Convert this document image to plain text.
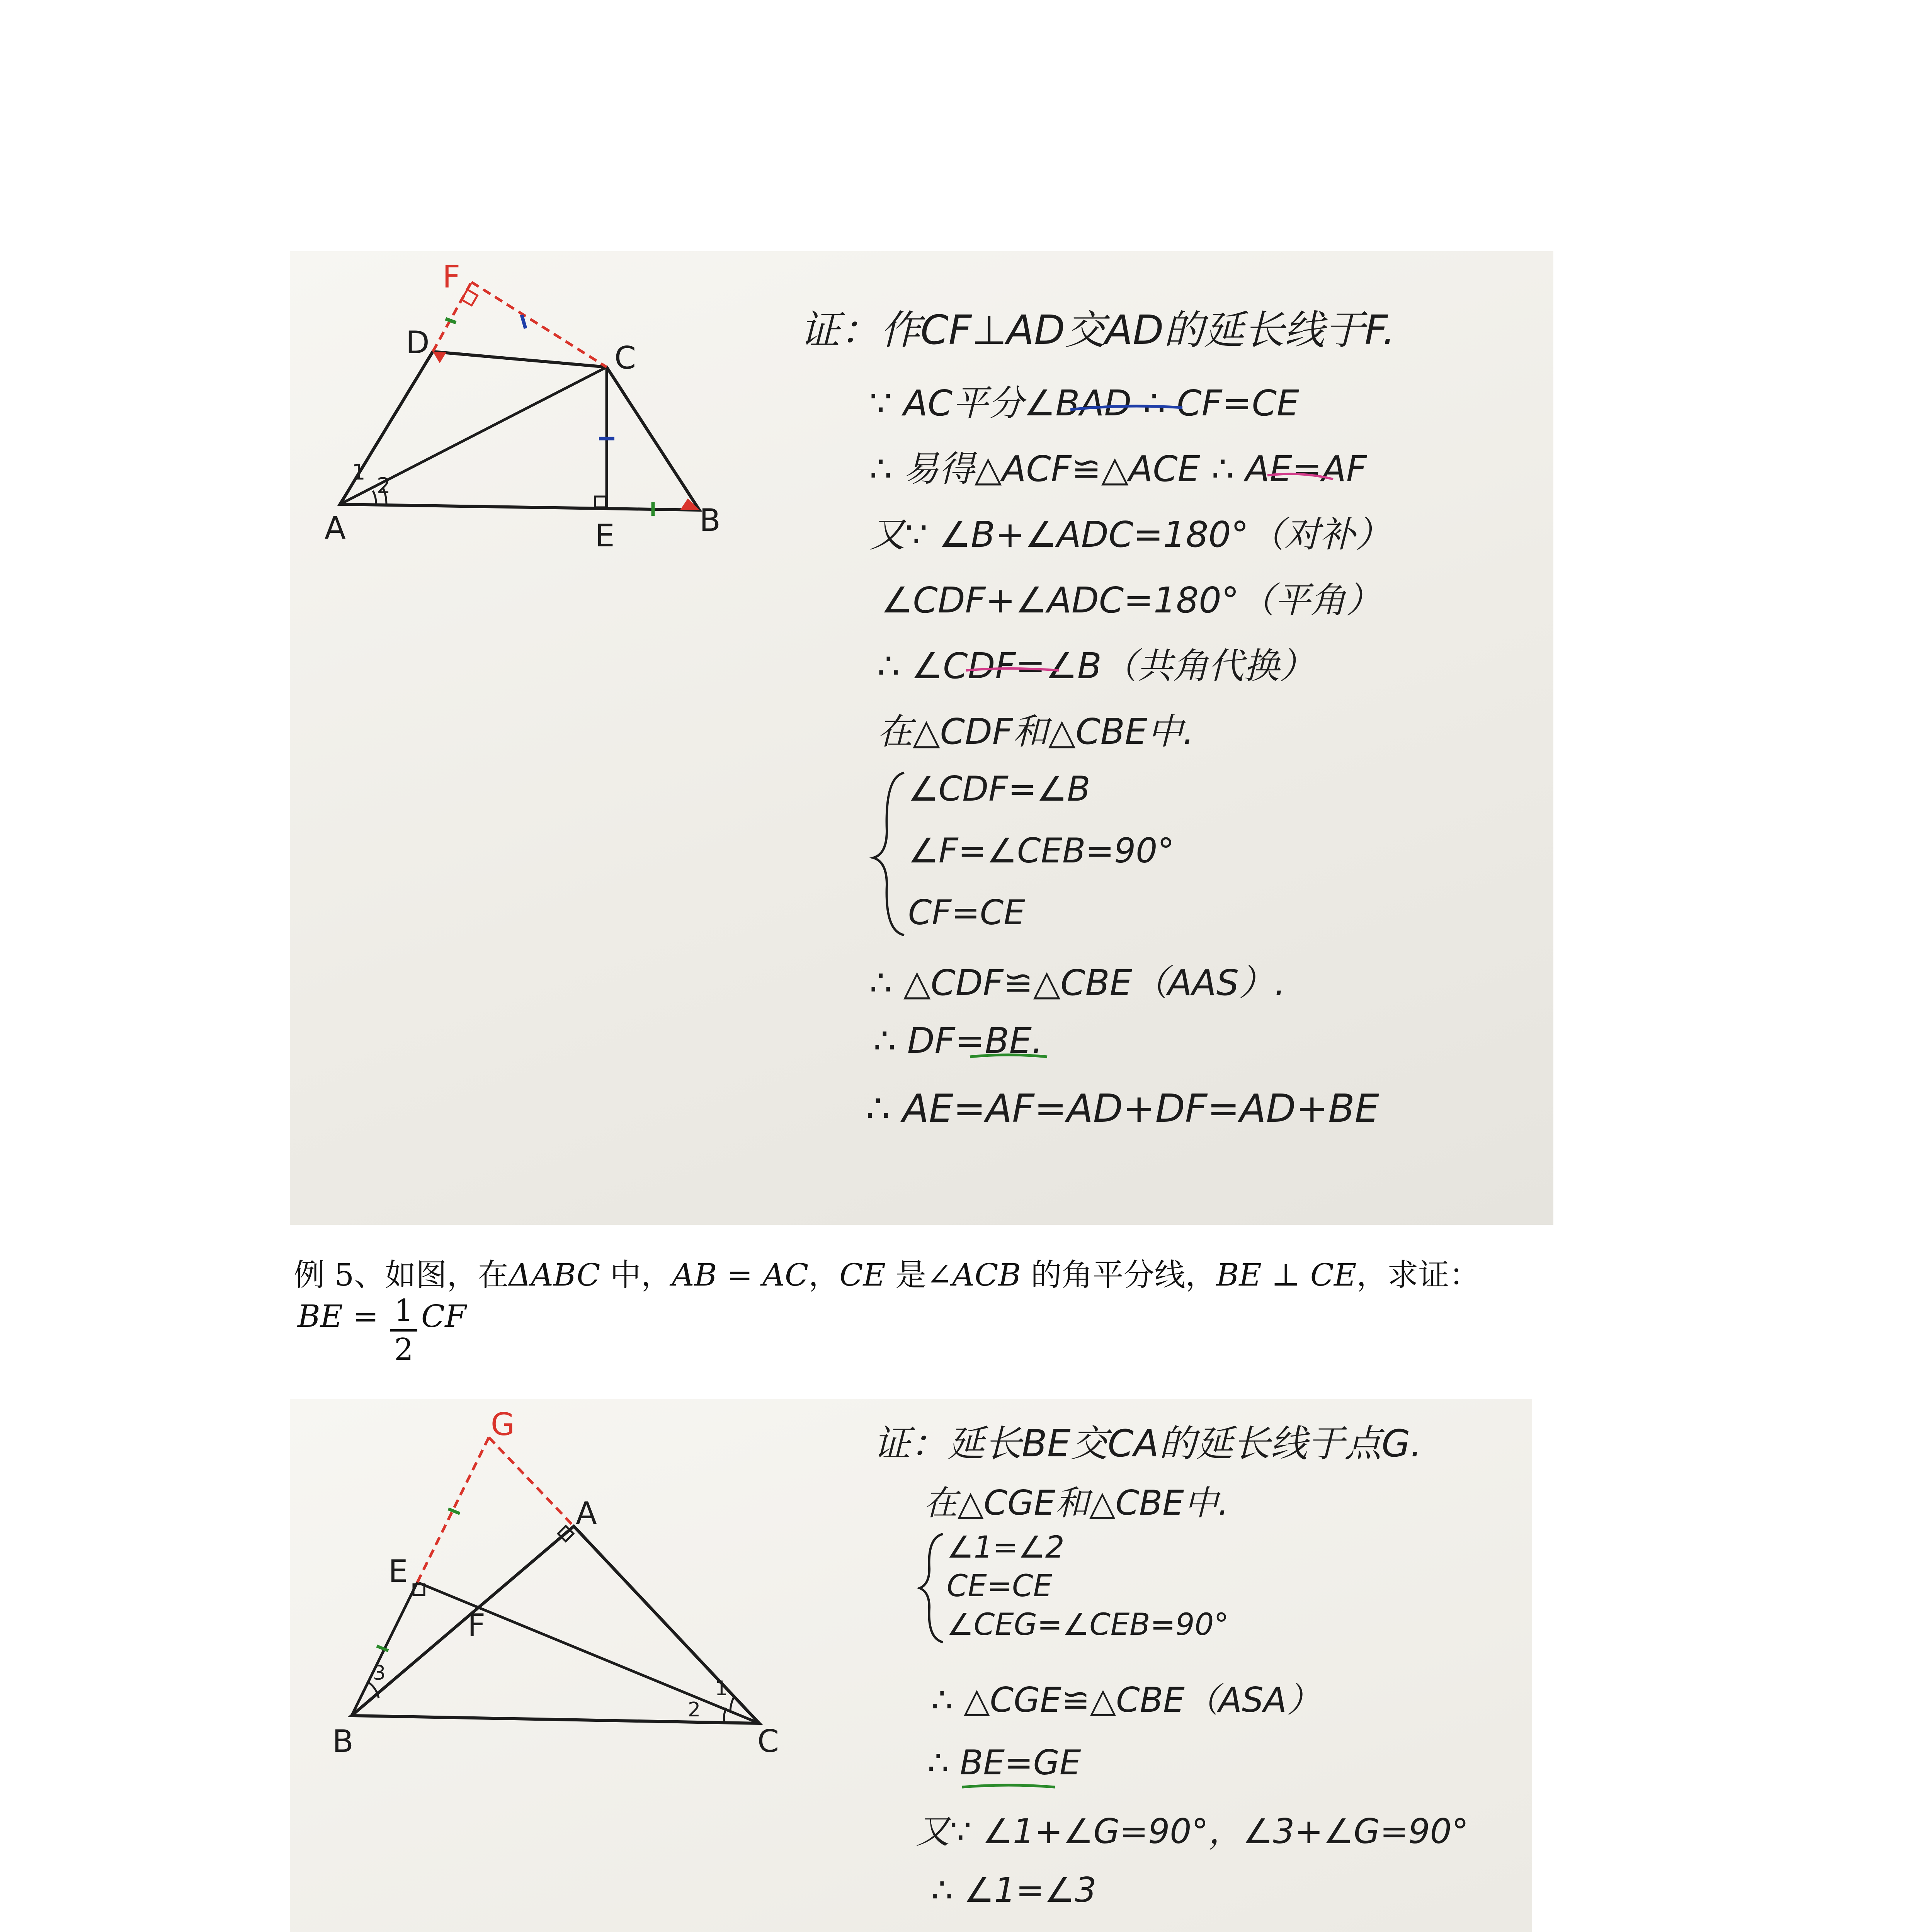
D	C
A	E	B
F
1
2
证：作CF⊥AD交AD的延长线于F.
∵ AC平分∠BAD ∴ CF=CE
∴ 易得△ACF≌△ACE ∴ AE=AF
又∵ ∠B+∠ADC=180°（对补）
∠CDF+∠ADC=180°（平角）
∴ ∠CDF=∠B（共角代换）
在△CDF和△CBE中.
∠CDF=∠B
∠F=∠CEB=90°
CF=CE
∴ △CDF≌△CBE（AAS）.
∴ DF=BE.
∴ AE=AF=AD+DF=AD+BE
例 5、如图，在ΔABC 中，AB = AC，CE 是∠ACB 的角平分线，BE ⊥ CE，求证：
BE = 1
2
CF
A
E
F
B	C
G
1
2
3
证：延长BE交CA的延长线于点G.
在△CGE和△CBE中.
∠1=∠2
CE=CE
∠CEG=∠CEB=90°
∴ △CGE≌△CBE（ASA）
∴ BE=GE
又∵ ∠1+∠G=90°，∠3+∠G=90°
∴ ∠1=∠3
